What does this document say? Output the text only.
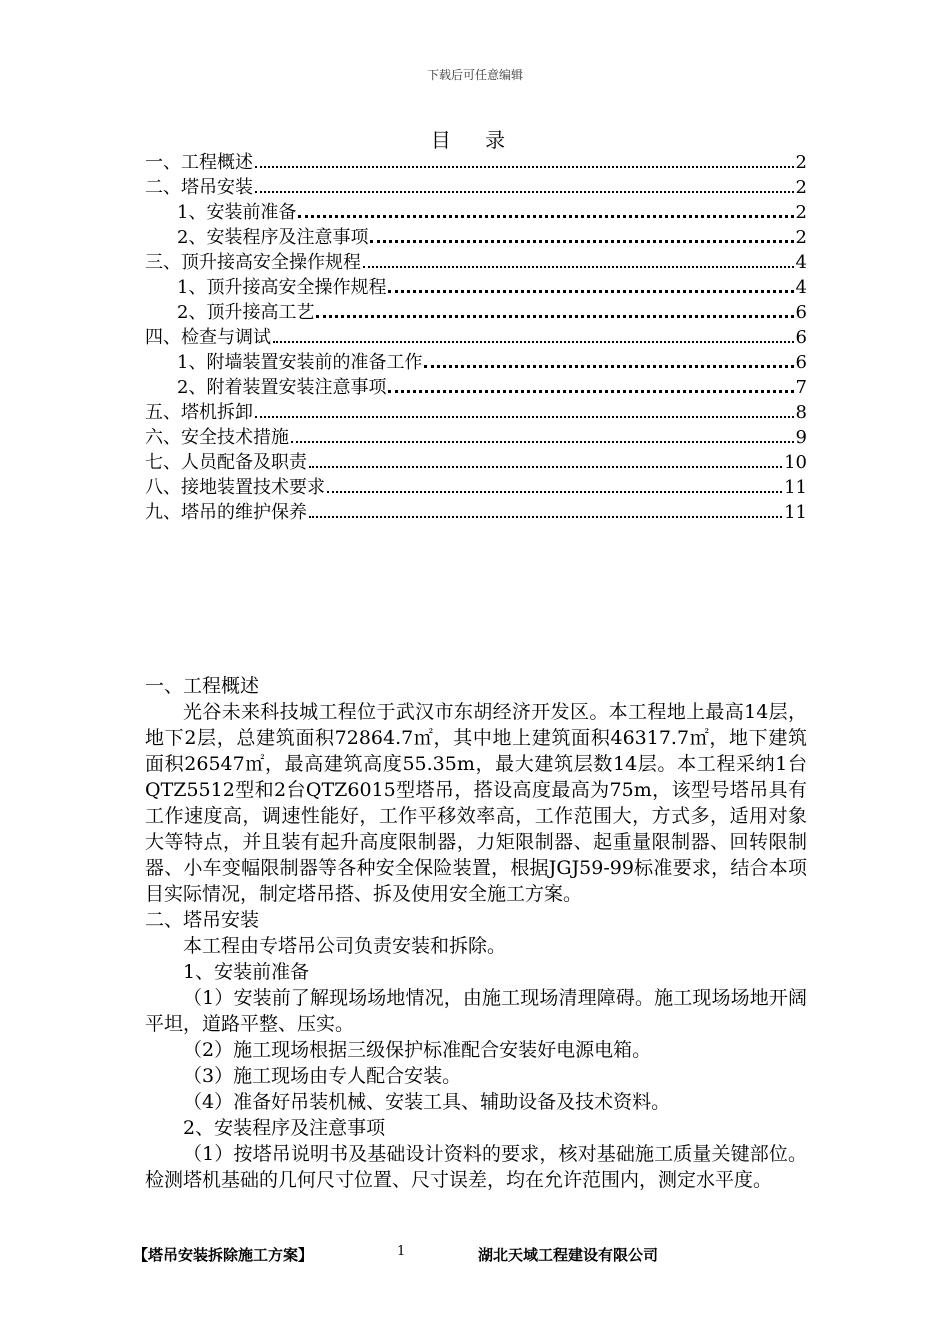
下载后可任意编辑
目 录
一、工程概述	2
二、塔吊安装	2
1、安装前准备	2
2、安装程序及注意事项	2
三、顶升接高安全操作规程	4
1、顶升接高安全操作规程	4
2、顶升接高工艺	6
四、检查与调试	6
1、附墙装置安装前的准备工作	6
2、附着装置安装注意事项	7
五、塔机拆卸	8
六、安全技术措施	9
七、人员配备及职责	10
八、接地装置技术要求	11
九、塔吊的维护保养	11

一、工程概述

光谷未来科技城工程位于武汉市东胡经济开发区。本工程地上最高14层，地下2层，总建筑面积72864.7㎡，其中地上建筑面积46317.7㎡，地下建筑面积26547㎡，最高建筑高度55.35m，最大建筑层数14层。本工程采纳1台QTZ5512型和2台QTZ6015型塔吊，搭设高度最高为75m，该型号塔吊具有工作速度高，调速性能好，工作平移效率高，工作范围大，方式多，适用对象大等特点，并且装有起升高度限制器，力矩限制器、起重量限制器、回转限制器、小车变幅限制器等各种安全保险装置，根据JGJ59-99标准要求，结合本项目实际情况，制定塔吊搭、拆及使用安全施工方案。

二、塔吊安装

本工程由专塔吊公司负责安装和拆除。

1、安装前准备

（1）安装前了解现场场地情况，由施工现场清理障碍。施工现场场地开阔平坦，道路平整、压实。

（2）施工现场根据三级保护标准配合安装好电源电箱。

（3）施工现场由专人配合安装。

（4）准备好吊装机械、安装工具、辅助设备及技术资料。

2、安装程序及注意事项

（1）按塔吊说明书及基础设计资料的要求，核对基础施工质量关键部位。检测塔机基础的几何尺寸位置、尺寸误差，均在允许范围内，测定水平度。

【塔吊安装拆除施工方案】	1	湖北天域工程建设有限公司
